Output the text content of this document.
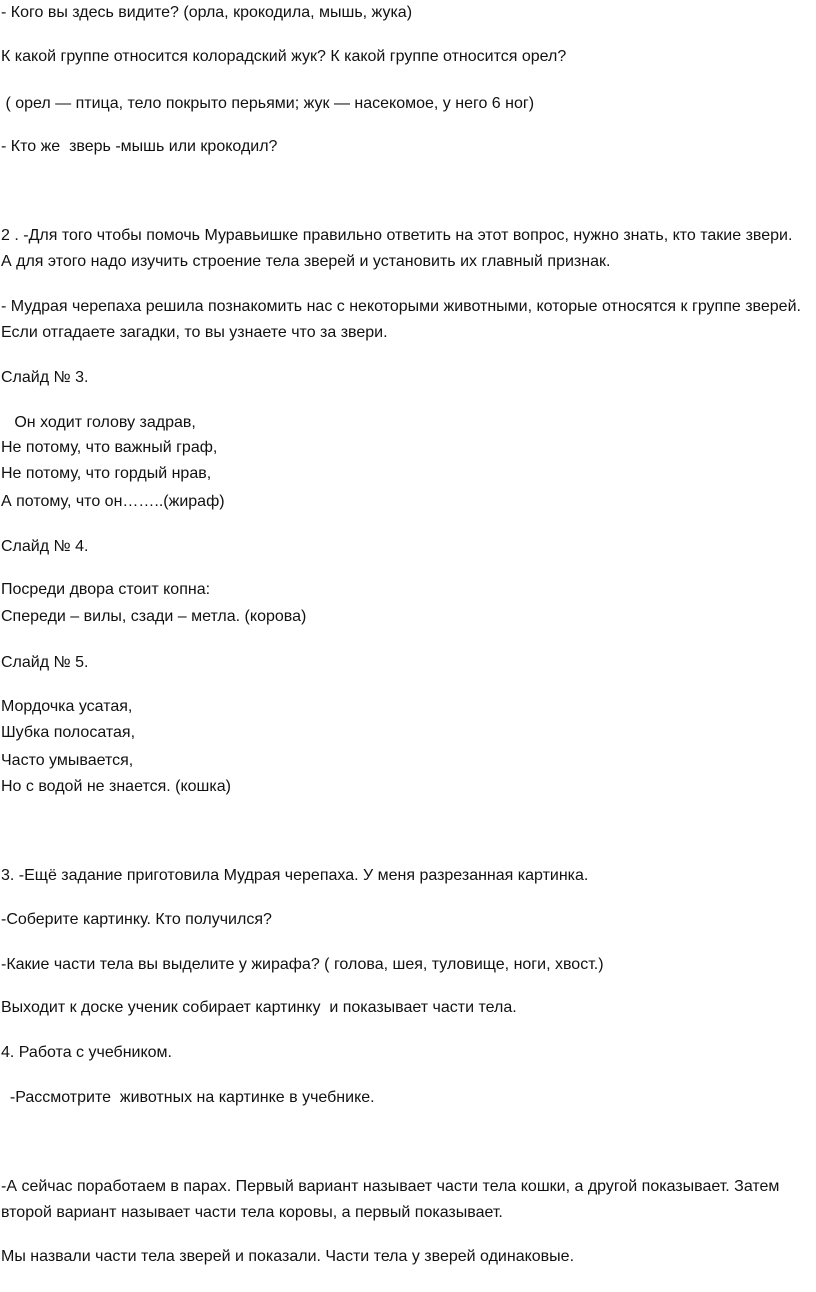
- Кого вы здесь видите? (орла, крокодила, мышь, жука)
К какой группе относится колорадский жук? К какой группе относится орел?
( орел — птица, тело покрыто перьями; жук — насекомое, у него 6 ног)
- Кто же  зверь -мышь или крокодил?
2 . -Для того чтобы помочь Муравьишке правильно ответить на этот вопрос, нужно знать, кто такие звери. А для этого надо изучить строение тела зверей и установить их главный признак.
- Мудрая черепаха решила познакомить нас с некоторыми животными, которые относятся к группе зверей. Если отгадаете загадки, то вы узнаете что за звери.
Слайд № 3.
Он ходит голову задрав,
Не потому, что важный граф,
Не потому, что гордый нрав,
А потому, что он……..(жираф)
Слайд № 4.
Посреди двора стоит копна:
Спереди – вилы, сзади – метла. (корова)
Слайд № 5.
Мордочка усатая,
Шубка полосатая,
Часто умывается,
Но с водой не знается. (кошка)
3. -Ещё задание приготовила Мудрая черепаха. У меня разрезанная картинка.
-Соберите картинку. Кто получился?
-Какие части тела вы выделите у жирафа? ( голова, шея, туловище, ноги, хвост.)
Выходит к доске ученик собирает картинку  и показывает части тела.
4. Работа с учебником.
-Рассмотрите  животных на картинке в учебнике.
-А сейчас поработаем в парах. Первый вариант называет части тела кошки, а другой показывает. Затем второй вариант называет части тела коровы, а первый показывает.
Мы назвали части тела зверей и показали. Части тела у зверей одинаковые.
